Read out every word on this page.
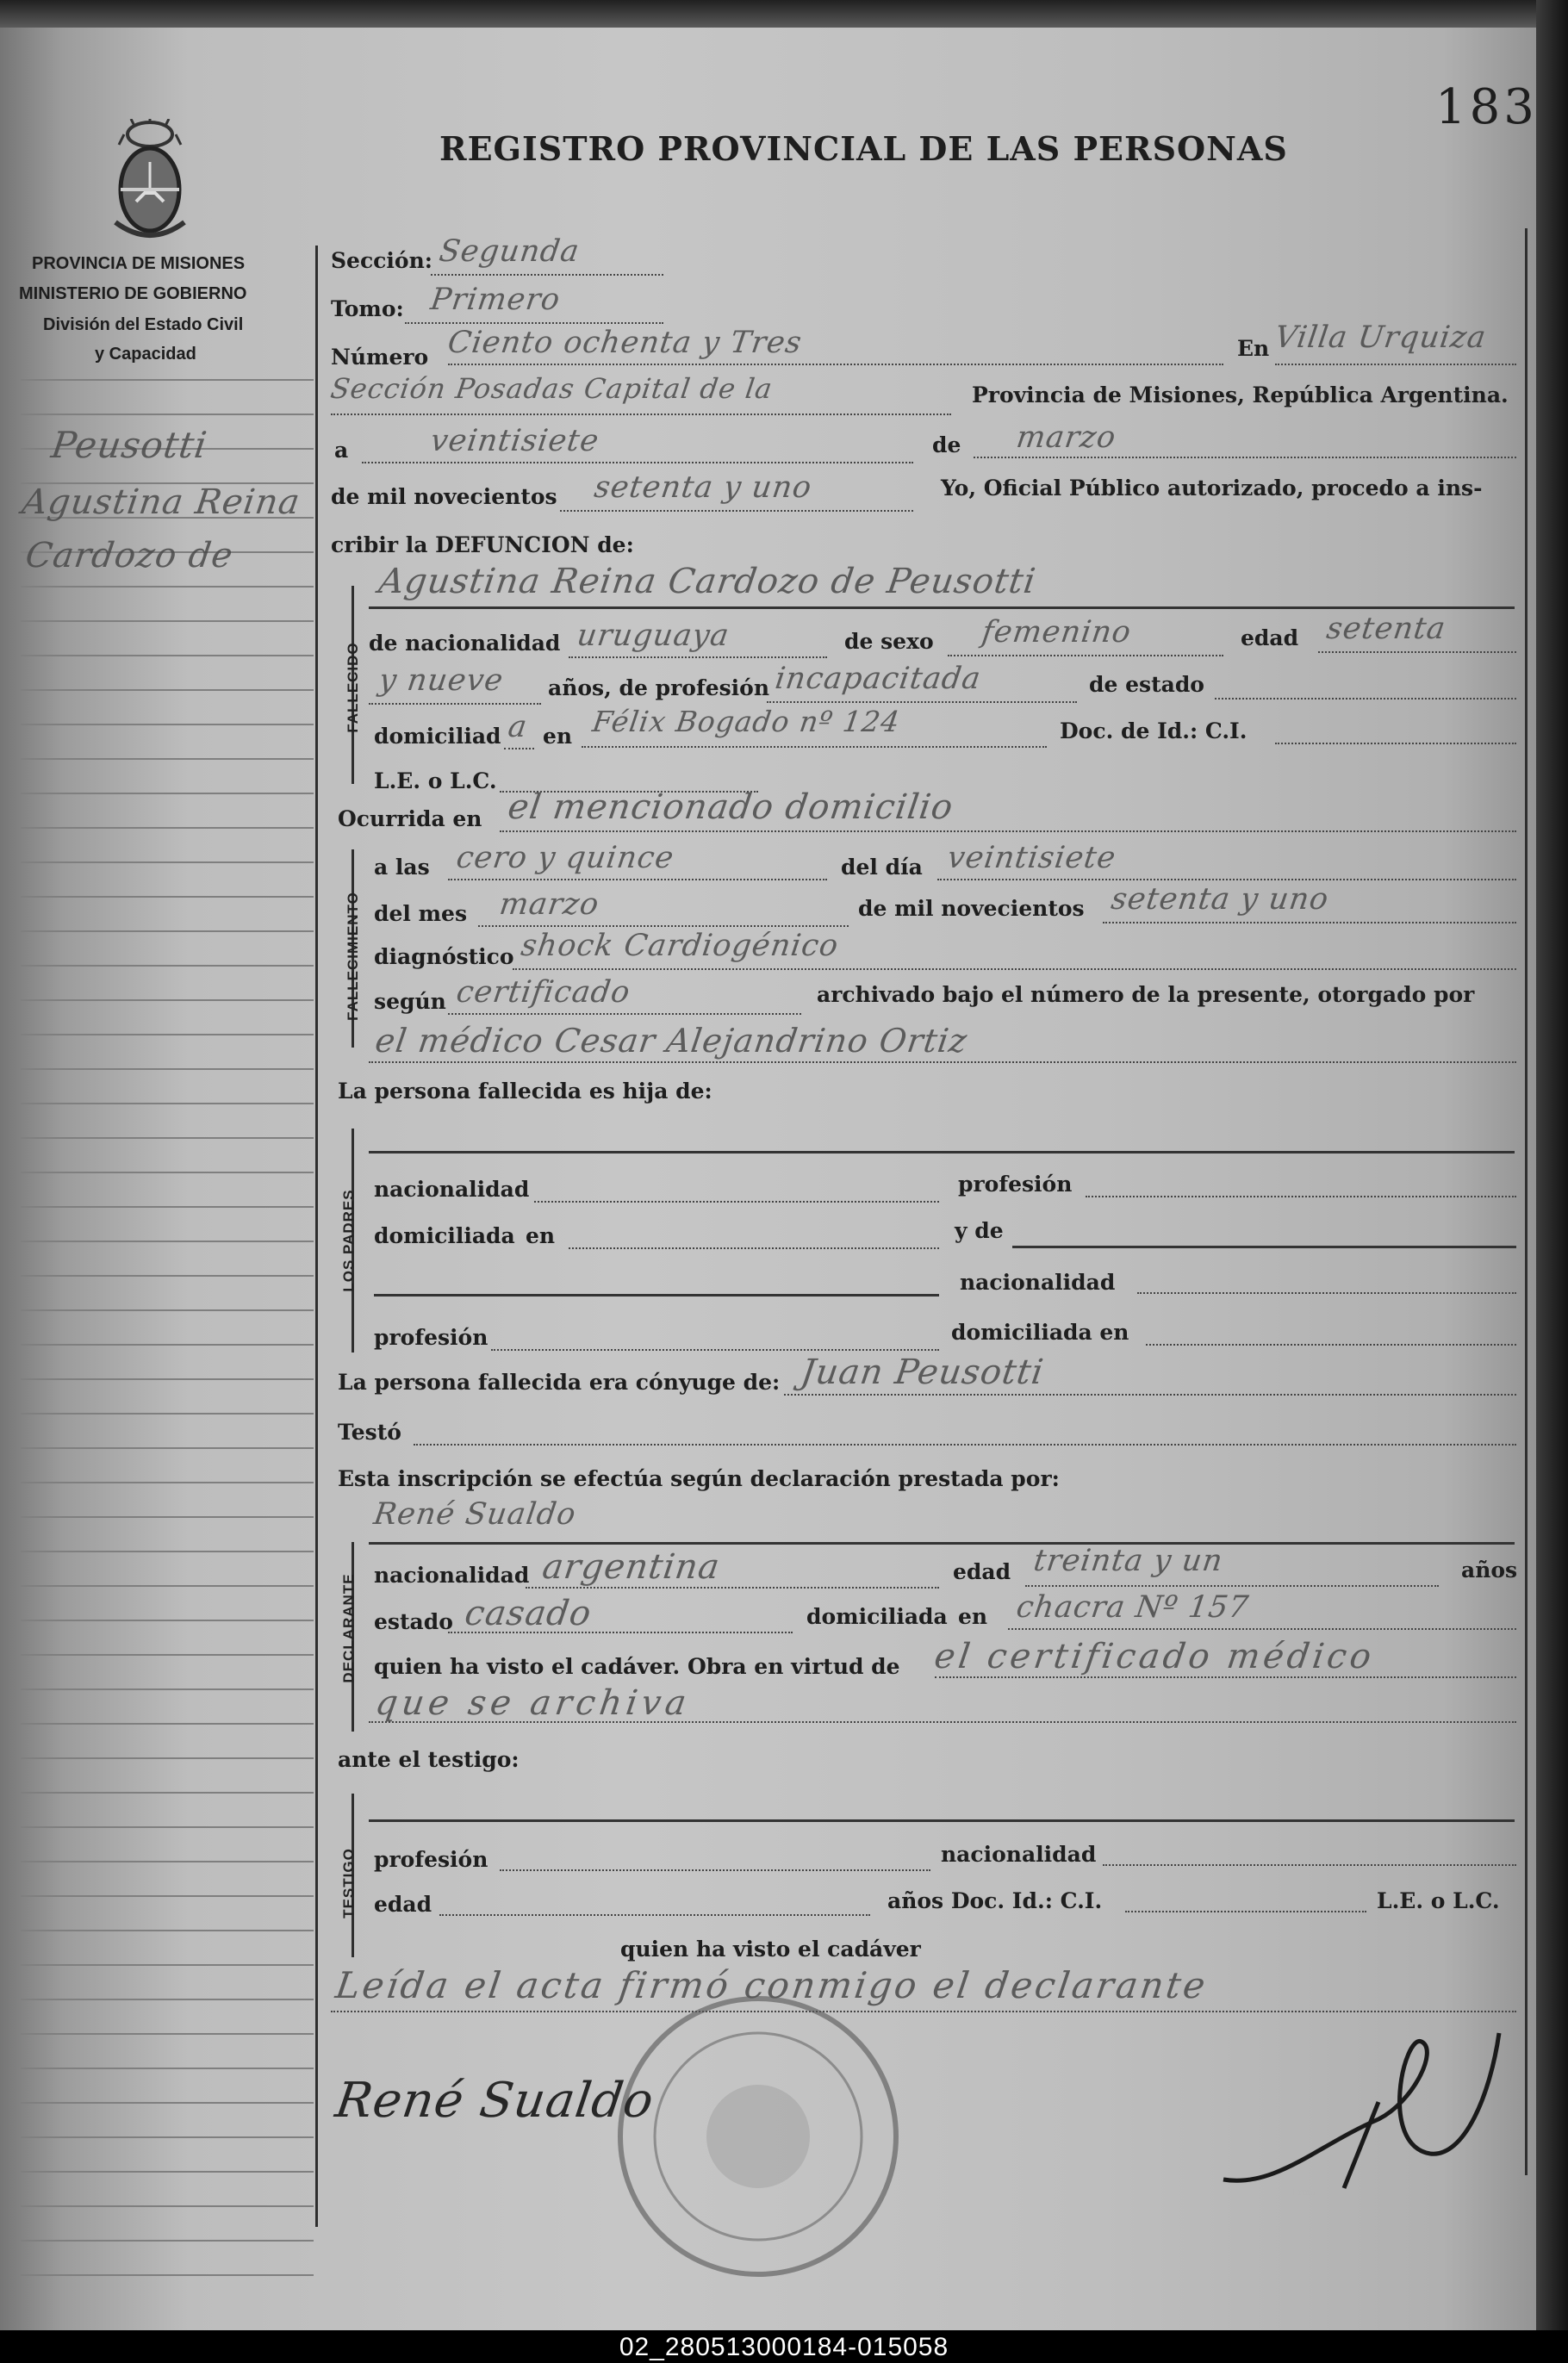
183
REGISTRO PROVINCIAL DE LAS PERSONAS
PROVINCIA DE MISIONES
MINISTERIO DE GOBIERNO
División del Estado Civil
y Capacidad
Peusotti
Agustina Reina
Cardozo de
Sección: Segunda
Tomo: Primero
Número Ciento ochenta y Tres	En Villa Urquiza
Sección Posadas Capital de la	Provincia de Misiones, República Argentina.
a	veintisiete	de marzo
de mil novecientos setenta y uno	Yo, Oficial Público autorizado, procedo a ins-
cribir la DEFUNCION de:
FALLECIDO
Agustina Reina Cardozo de Peusotti
de nacionalidad uruguaya	de sexo femenino	edad setenta
y nueve años, de profesión incapacitada	de estado
domiciliad a en Félix Bogado nº 124	Doc. de Id.: C.I.
L.E. o L.C.
Ocurrida en el mencionado domicilio
FALLECIMIENTO
a las cero y quince	del día veintisiete
del mes marzo	de mil novecientos setenta y uno
diagnóstico shock Cardiogénico
según certificado	archivado bajo el número de la presente, otorgado por
el médico Cesar Alejandrino Ortiz
La persona fallecida es hija de:
LOS PADRES nacionalidad	profesión
domiciliada en	y de
nacionalidad
profesión	domiciliada en
La persona fallecida era cónyuge de: Juan Peusotti
Testó
Esta inscripción se efectúa según declaración prestada por:
DECLARANTE
René Sualdo
nacionalidad argentina	edad treinta y un	años
estado casado	domiciliada en chacra Nº 157
quien ha visto el cadáver. Obra en virtud de el certificado médico
que se archiva
ante el testigo:
TESTIGO profesión	nacionalidad
edad	años Doc. Id.: C.I.	L.E. o L.C.
quien ha visto el cadáver
Leída el acta firmó conmigo el declarante
René Sualdo
firma
02_280513000184-015058
